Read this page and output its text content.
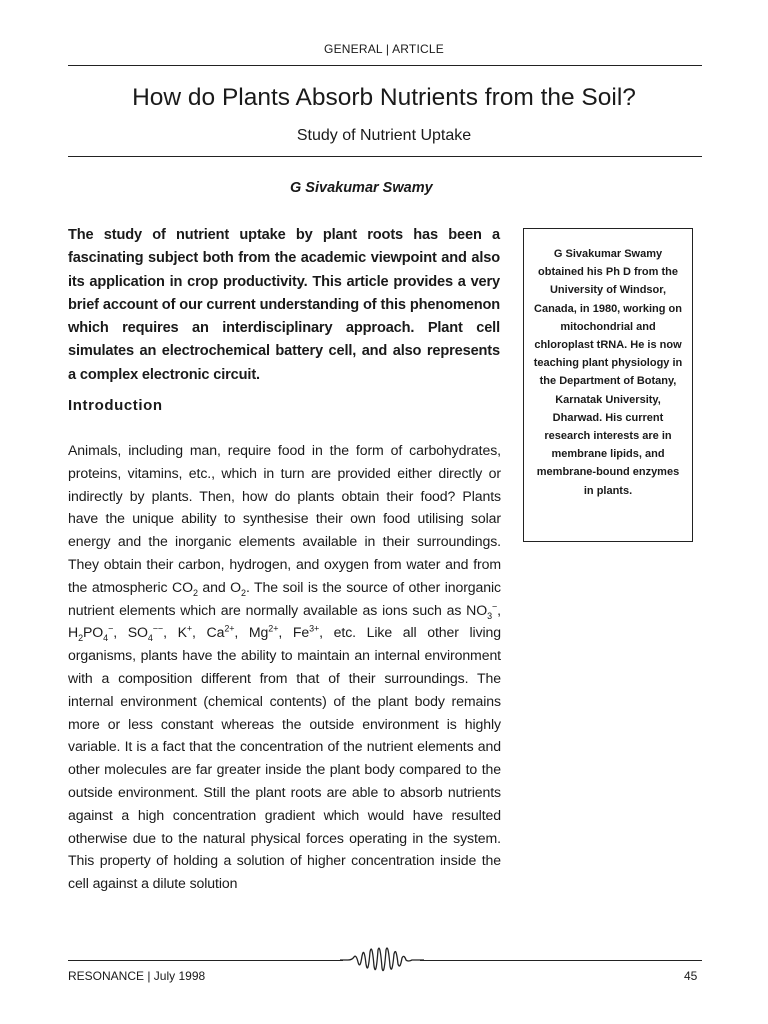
GENERAL | ARTICLE
How do Plants Absorb Nutrients from the Soil?
Study of Nutrient Uptake
G Sivakumar Swamy

The study of nutrient uptake by plant roots has been a fascinating subject both from the academic viewpoint and also its application in crop productivity. This article provides a very brief account of our current understanding of this phenomenon which requires an interdisciplinary approach. Plant cell simulates an electrochemical battery cell, and also represents a complex electronic circuit.

Introduction

Animals, including man, require food in the form of carbohydrates, proteins, vitamins, etc., which in turn are provided either directly or indirectly by plants. Then, how do plants obtain their food? Plants have the unique ability to synthesise their own food utilising solar energy and the inorganic elements available in their surroundings. They obtain their carbon, hydrogen, and oxygen from water and from the atmospheric $CO_2$ and $O_2$. The soil is the source of other inorganic nutrient elements which are normally available as ions such as $NO_3^-$, $H_2PO_4^-$, $SO_4^{--}$, K+, $Ca^{2+}$, $Mg^{2+}$, $Fe^{3+}$, etc. Like all other living organisms, plants have the ability to maintain an internal environment with a composition different from that of their surroundings. The internal environment (chemical contents) of the plant body remains more or less constant whereas the outside environment is highly variable. It is a fact that the concentration of the nutrient elements and other molecules are far greater inside the plant body compared to the outside environment. Still the plant roots are able to absorb nutrients against a high concentration gradient which would have resulted otherwise due to the natural physical forces operating in the system. This property of holding a solution of higher concentration inside the cell against a dilute solution

G Sivakumar Swamy obtained his Ph D from the University of Windsor, Canada, in 1980, working on mitochondrial and chloroplast tRNA. He is now teaching plant physiology in the Department of Botany, Karnatak University, Dharwad. His current research interests are in membrane lipids, and membrane-bound enzymes in plants.
RESONANCE | July 1998	45
